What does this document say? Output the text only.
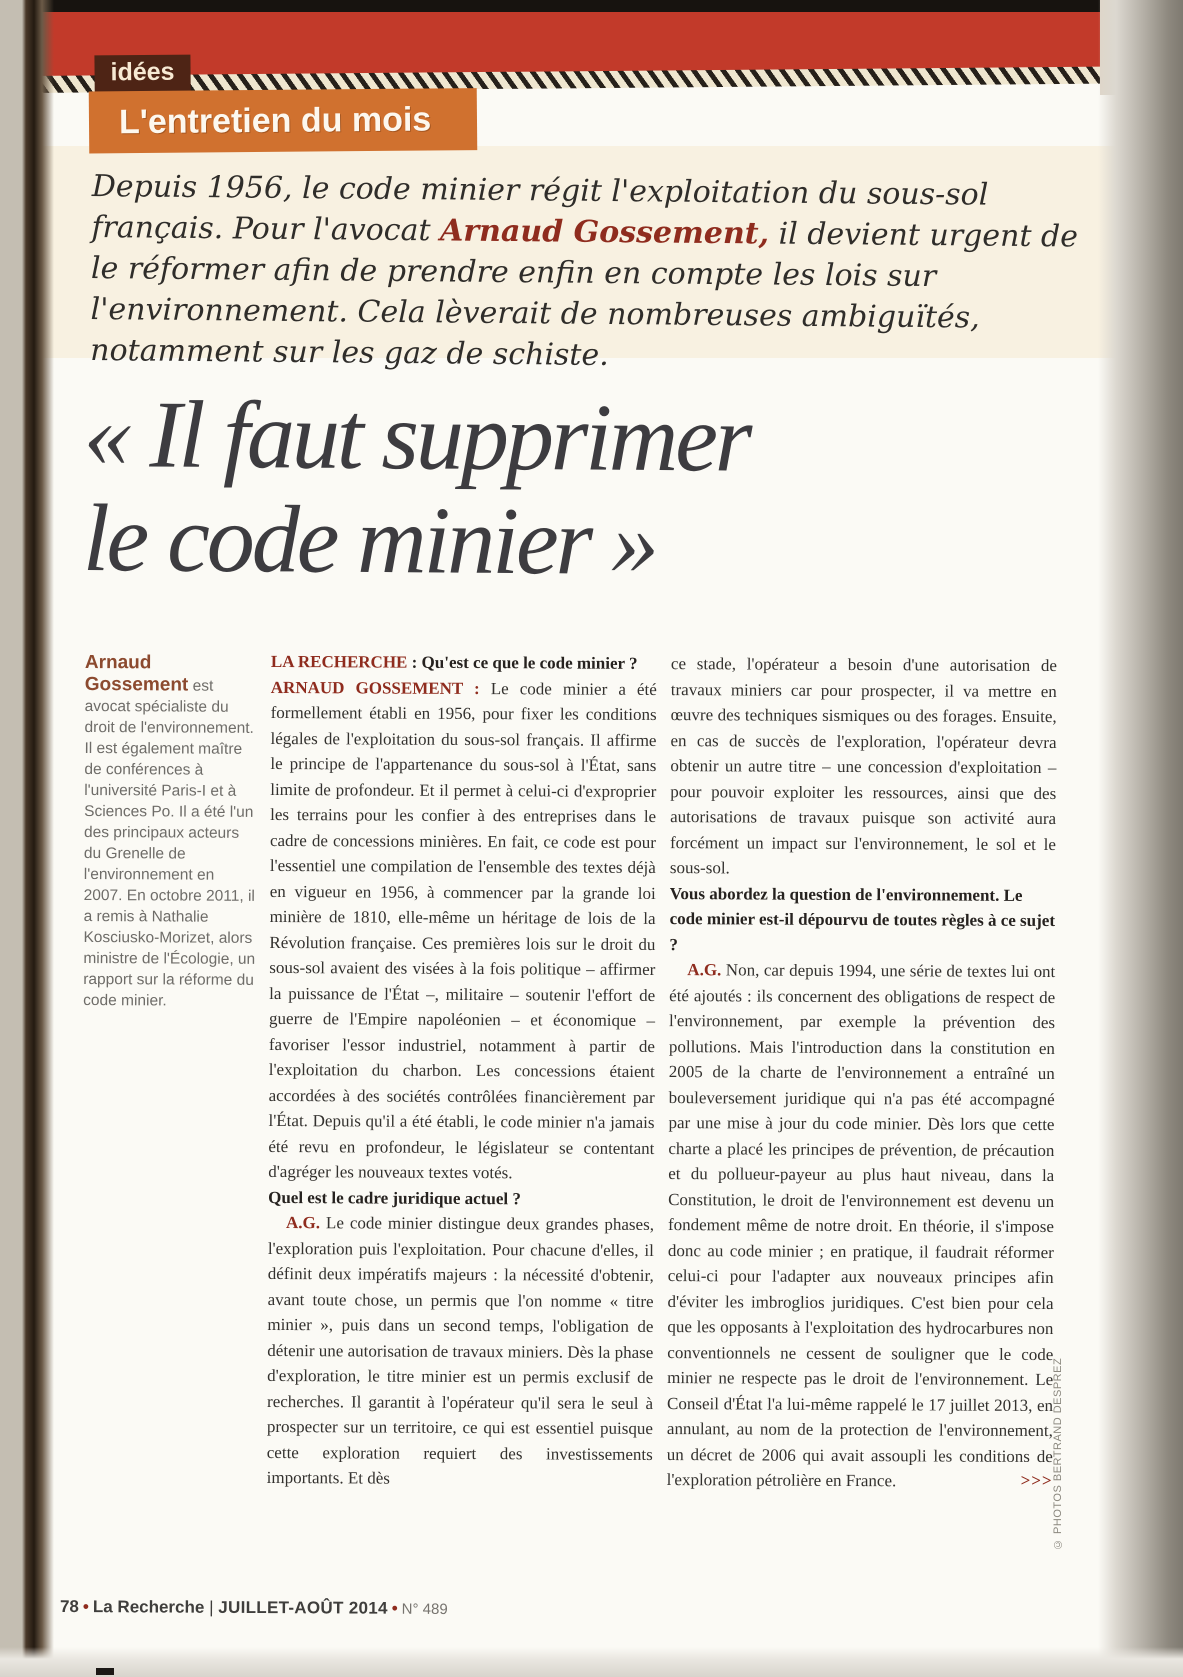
idées
L'entretien du mois
Depuis 1956, le code minier régit l'exploitation du sous-sol français. Pour l'avocat Arnaud Gossement, il devient urgent de le réformer afin de prendre enfin en compte les lois sur l'environnement. Cela lèverait de nombreuses ambiguïtés, notamment sur les gaz de schiste.
« Il faut supprimer
le code minier »
Arnaud Gossement est avocat spécialiste du droit de l'environnement. Il est également maître de conférences à l'université Paris-I et à Sciences Po. Il a été l'un des principaux acteurs du Grenelle de l'environnement en 2007. En octobre 2011, il a remis à Nathalie Kosciusko-Morizet, alors ministre de l'Écologie, un rapport sur la réforme du code minier.

LA RECHERCHE : Qu'est ce que le code minier ?

ARNAUD GOSSEMENT : Le code minier a été formellement établi en 1956, pour fixer les conditions légales de l'exploitation du sous-sol français. Il affirme le principe de l'appartenance du sous-sol à l'État, sans limite de profondeur. Et il permet à celui-ci d'exproprier les terrains pour les confier à des entreprises dans le cadre de concessions minières. En fait, ce code est pour l'essentiel une compilation de l'ensemble des textes déjà en vigueur en 1956, à commencer par la grande loi minière de 1810, elle-même un héritage de lois de la Révolution française. Ces premières lois sur le droit du sous-sol avaient des visées à la fois politique – affirmer la puissance de l'État –, militaire – soutenir l'effort de guerre de l'Empire napoléonien – et économique – favoriser l'essor industriel, notamment à partir de l'exploitation du charbon. Les concessions étaient accordées à des sociétés contrôlées financièrement par l'État. Depuis qu'il a été établi, le code minier n'a jamais été revu en profondeur, le législateur se contentant d'agréger les nouveaux textes votés.

Quel est le cadre juridique actuel ?

A.G. Le code minier distingue deux grandes phases, l'exploration puis l'exploitation. Pour chacune d'elles, il définit deux impératifs majeurs : la nécessité d'obtenir, avant toute chose, un permis que l'on nomme « titre minier », puis dans un second temps, l'obligation de détenir une autorisation de travaux miniers. Dès la phase d'exploration, le titre minier est un permis exclusif de recherches. Il garantit à l'opérateur qu'il sera le seul à prospecter sur un territoire, ce qui est essentiel puisque cette exploration requiert des investissements importants. Et dès

ce stade, l'opérateur a besoin d'une autorisation de travaux miniers car pour prospecter, il va mettre en œuvre des techniques sismiques ou des forages. Ensuite, en cas de succès de l'exploration, l'opérateur devra obtenir un autre titre – une concession d'exploitation – pour pouvoir exploiter les ressources, ainsi que des autorisations de travaux puisque son activité aura forcément un impact sur l'environnement, le sol et le sous-sol.

Vous abordez la question de l'environnement. Le code minier est-il dépourvu de toutes règles à ce sujet ?

A.G. Non, car depuis 1994, une série de textes lui ont été ajoutés : ils concernent des obligations de respect de l'environnement, par exemple la prévention des pollutions. Mais l'introduction dans la constitution en 2005 de la charte de l'environnement a entraîné un bouleversement juridique qui n'a pas été accompagné par une mise à jour du code minier. Dès lors que cette charte a placé les principes de prévention, de précaution et du pollueur-payeur au plus haut niveau, dans la Constitution, le droit de l'environnement est devenu un fondement même de notre droit. En théorie, il s'impose donc au code minier ; en pratique, il faudrait réformer celui-ci pour l'adapter aux nouveaux principes afin d'éviter les imbroglios juridiques. C'est bien pour cela que les opposants à l'exploitation des hydrocarbures non conventionnels ne cessent de souligner que le code minier ne respecte pas le droit de l'environnement. Le Conseil d'État l'a lui-même rappelé le 17 juillet 2013, en annulant, au nom de la protection de l'environnement, un décret de 2006 qui avait assoupli les conditions de l'exploration pétrolière en France.	>>>

78 • La Recherche | JUILLET-AOÛT 2014 • N° 489
© PHOTOS BERTRAND DESPREZ
